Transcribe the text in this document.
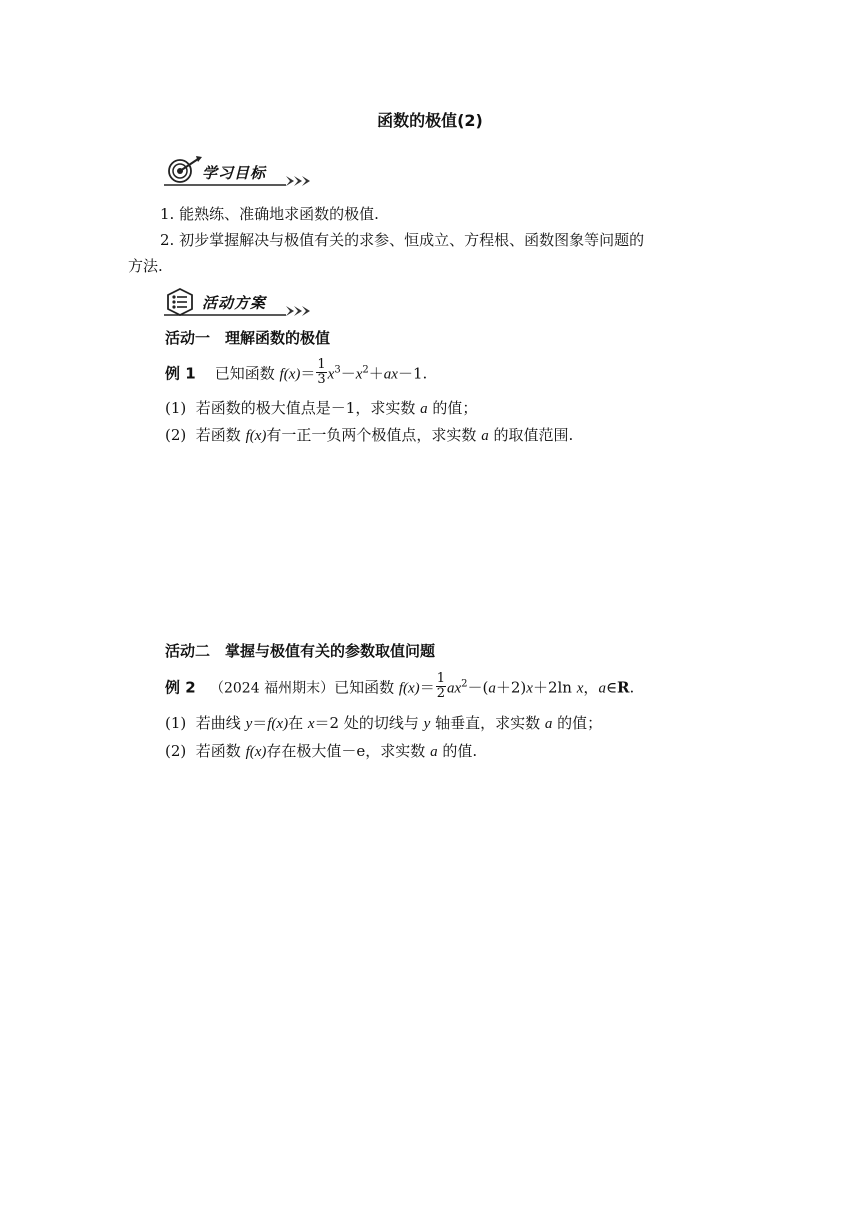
函数的极值(2)
学习目标
1. 能熟练、准确地求函数的极值.
2. 初步掌握解决与极值有关的求参、恒成立、方程根、函数图象等问题的
方法.
活动方案
活动一　理解函数的极值
例 1 已知函数 $f(x)= \frac{1}{3} x^3-x^2+ax-1$.
(1) 若函数的极大值点是－1，求实数 a 的值；
(2) 若函数 f(x)有一正一负两个极值点，求实数 a 的取值范围.
活动二　掌握与极值有关的参数取值问题
例 2 （2024 福州期末）已知函数 $f(x)= \frac{1}{2} ax^2-(a+2)x+2\ln$ x，a∈R.
(1) 若曲线 y＝f(x)在 x＝2 处的切线与 y 轴垂直，求实数 a 的值；
(2) 若函数 f(x)存在极大值－e，求实数 a 的值.
